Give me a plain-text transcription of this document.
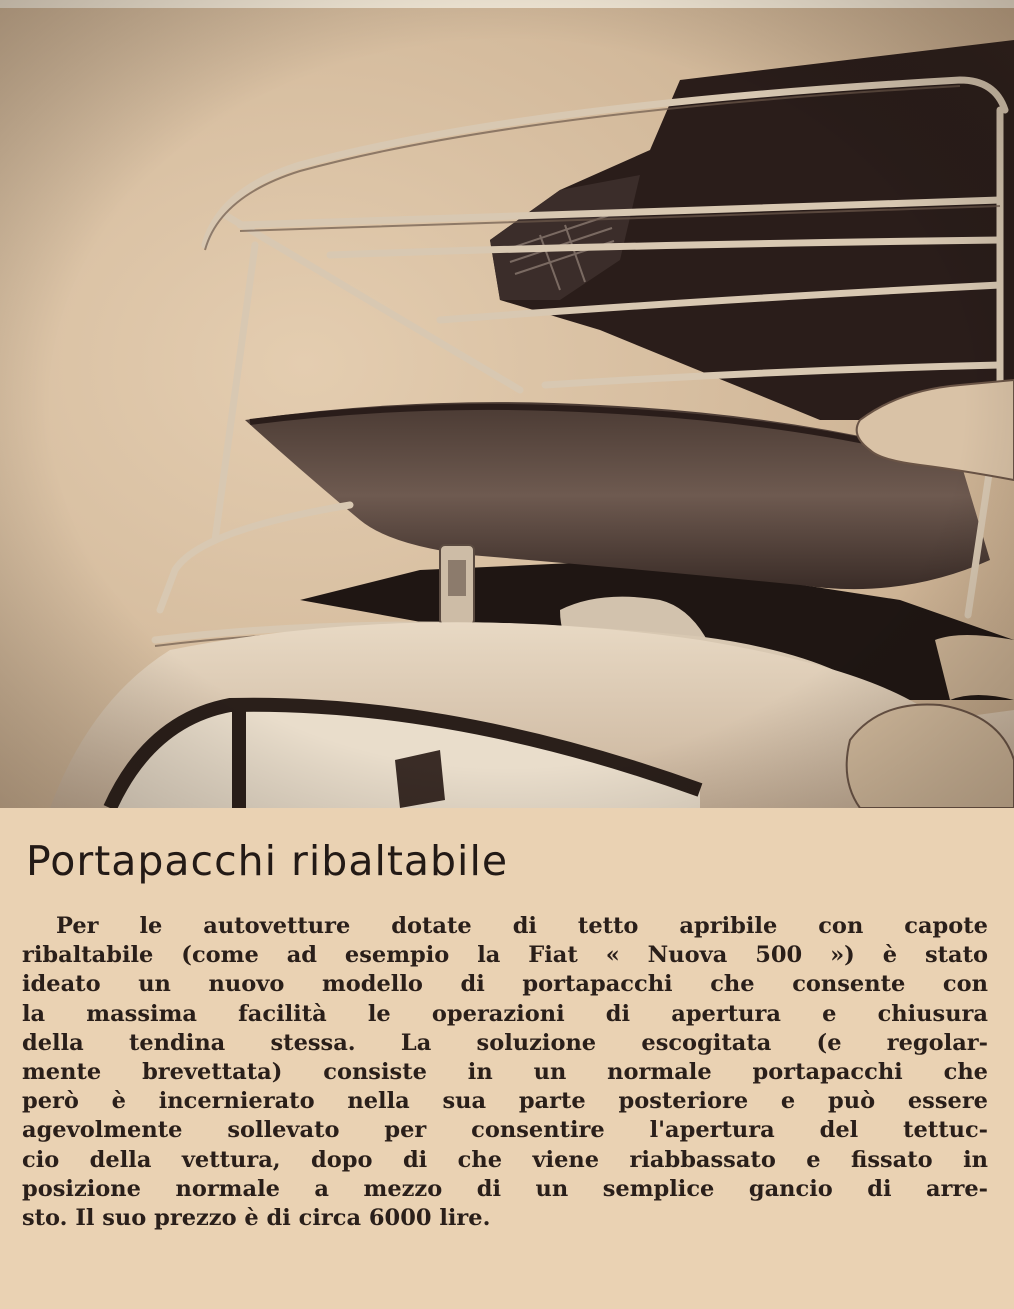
Portapacchi ribaltabile
Per le autovetture dotate di tetto apribile con capote
ribaltabile (come ad esempio la Fiat « Nuova 500 ») è stato
ideato un nuovo modello di portapacchi che consente con
la massima facilità le operazioni di apertura e chiusura
della tendina stessa. La soluzione escogitata (e regolar-
mente brevettata) consiste in un normale portapacchi che
però è incernierato nella sua parte posteriore e può essere
agevolmente sollevato per consentire l'apertura del tettuc-
cio della vettura, dopo di che viene riabbassato e fissato in
posizione normale a mezzo di un semplice gancio di arre-
sto. Il suo prezzo è di circa 6000 lire.
